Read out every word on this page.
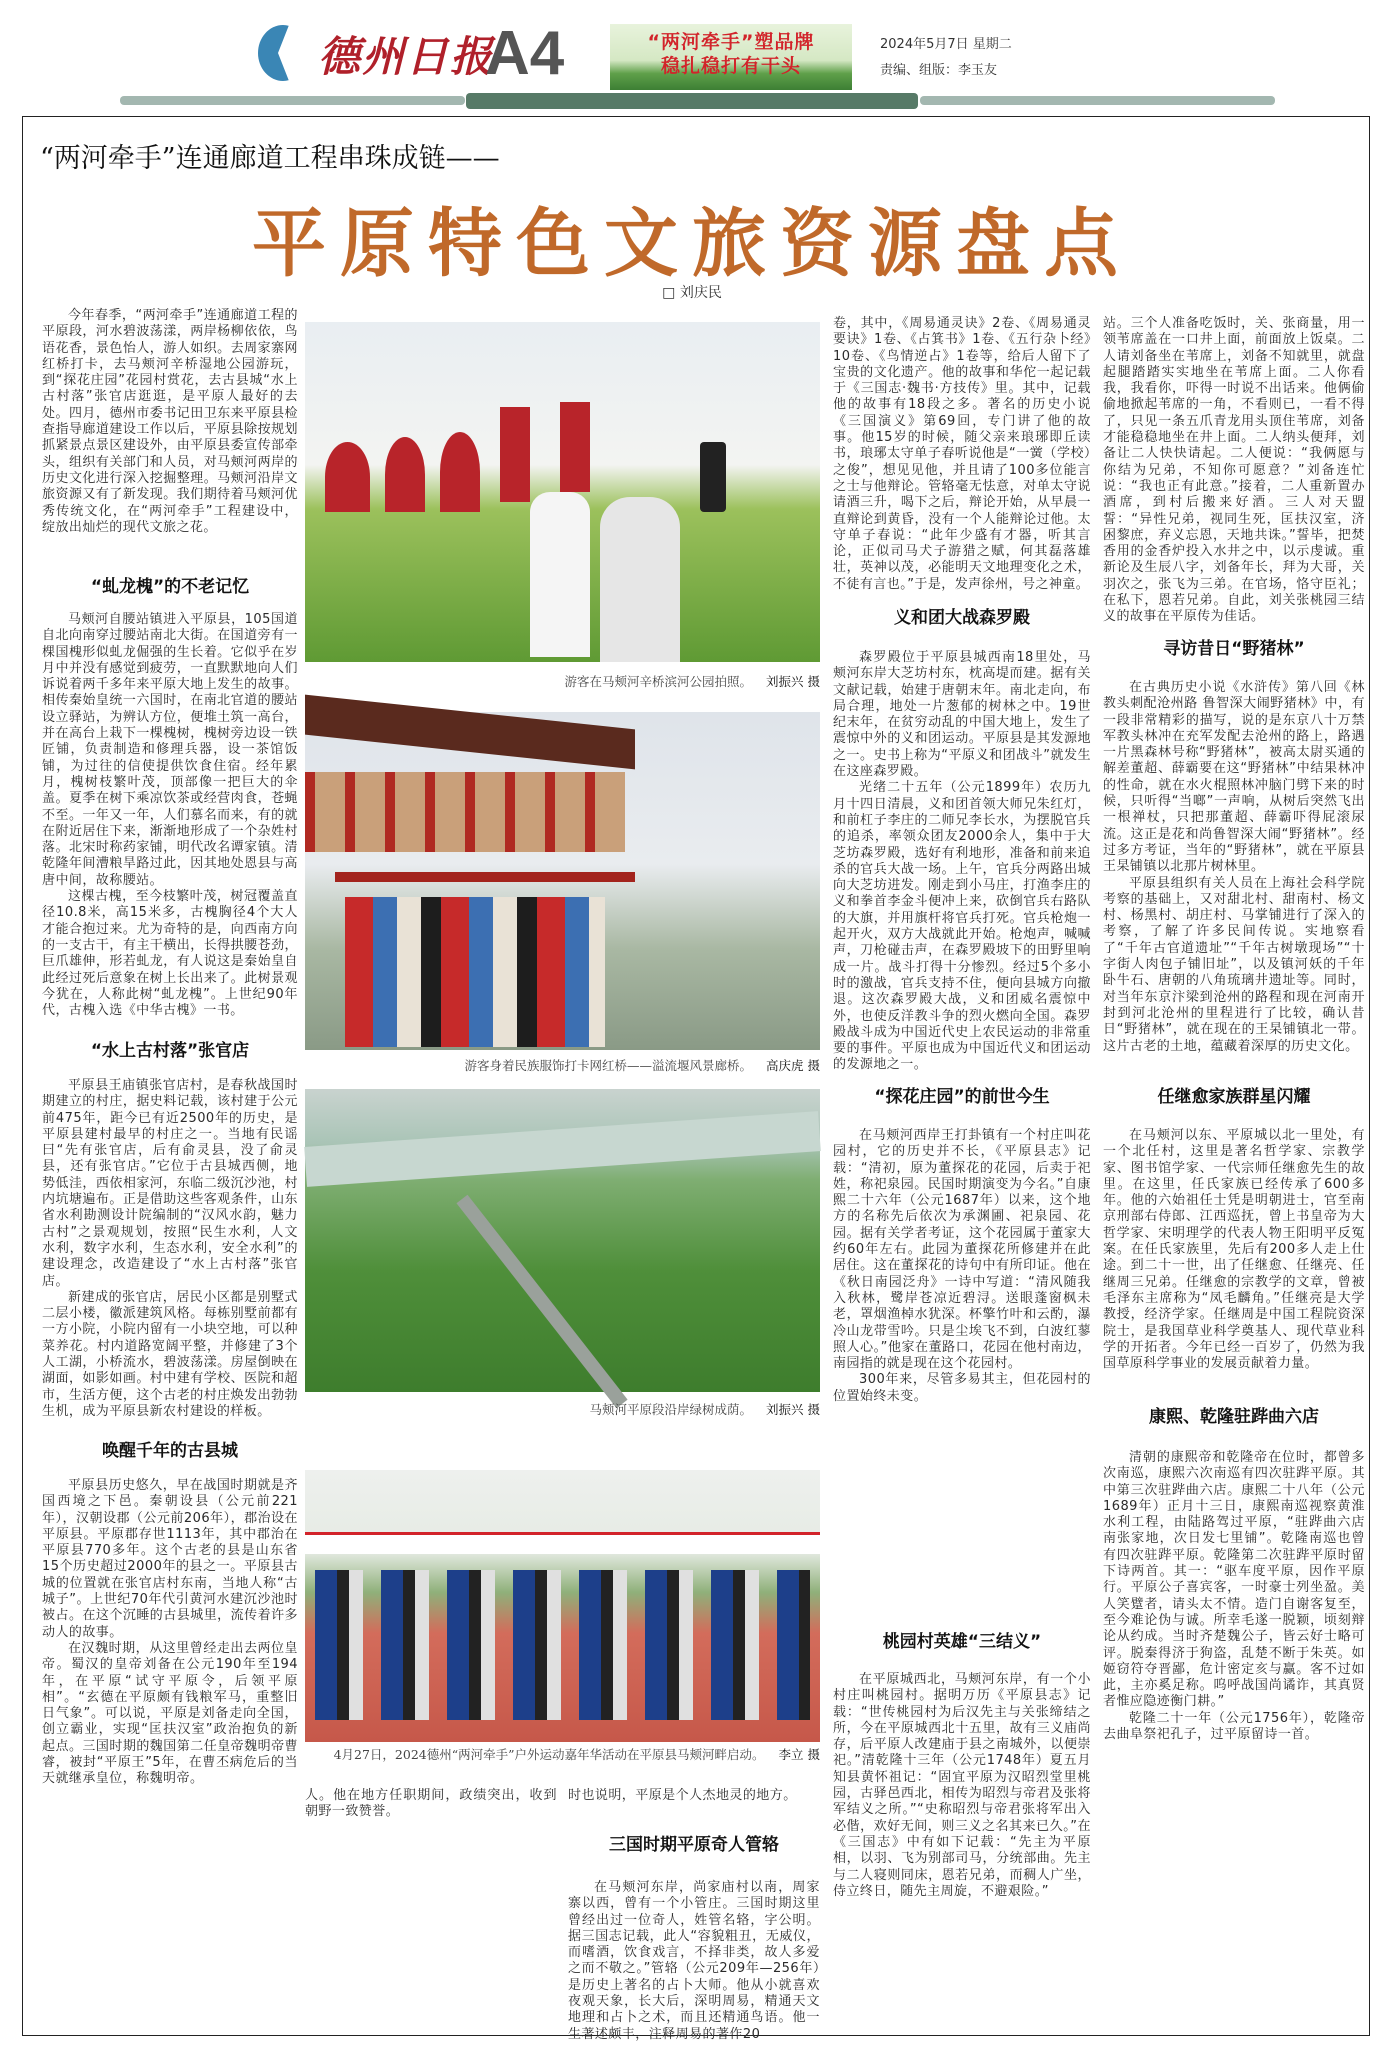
德州日报
A4	“两河牵手”塑品牌
稳扎稳打有干头
2024年5月7日 星期二
责编、组版：李玉友
“两河牵手”连通廊道工程串珠成链——
平原特色文旅资源盘点
□ 刘庆民

今年春季，“两河牵手”连通廊道工程的平原段，河水碧波荡漾，两岸杨柳依依，鸟语花香，景色怡人，游人如织。去周家寨网红桥打卡，去马颊河辛桥湿地公园游玩，到“探花庄园”花园村赏花，去古县城“水上古村落”张官店逛逛，是平原人最好的去处。四月，德州市委书记田卫东来平原县检查指导廊道建设工作以后，平原县除按规划抓紧景点景区建设外，由平原县委宣传部牵头，组织有关部门和人员，对马颊河两岸的历史文化进行深入挖掘整理。马颊河沿岸文旅资源又有了新发现。我们期待着马颊河优秀传统文化，在“两河牵手”工程建设中，绽放出灿烂的现代文旅之花。

“虬龙槐”的不老记忆

马颊河自腰站镇进入平原县，105国道自北向南穿过腰站南北大街。在国道旁有一棵国槐形似虬龙倔强的生长着。它似乎在岁月中并没有感觉到疲劳，一直默默地向人们诉说着两千多年来平原大地上发生的故事。相传秦始皇统一六国时，在南北官道的腰站设立驿站，为辨认方位，便堆土筑一高台，并在高台上栽下一棵槐树，槐树旁边设一铁匠铺，负责制造和修理兵器，设一茶馆饭铺，为过往的信使提供饮食住宿。经年累月，槐树枝繁叶茂，顶部像一把巨大的伞盖。夏季在树下乘凉饮茶或经营肉食，苍蝇不至。一年又一年，人们慕名而来，有的就在附近居住下来，渐渐地形成了一个杂姓村落。北宋时称药家铺，明代改名谭家镇。清乾隆年间漕粮旱路过此，因其地处恩县与高唐中间，故称腰站。

这棵古槐，至今枝繁叶茂，树冠覆盖直径10.8米，高15米多，古槐胸径4个大人才能合抱过来。尤为奇特的是，向西南方向的一支古干，有主干横出，长得拱腰苍劲，巨爪雄伸，形若虬龙，有人说这是秦始皇自此经过死后意象在树上长出来了。此树景观今犹在，人称此树“虬龙槐”。上世纪90年代，古槐入选《中华古槐》一书。

“水上古村落”张官店

平原县王庙镇张官店村，是春秋战国时期建立的村庄，据史料记载，该村建于公元前475年，距今已有近2500年的历史，是平原县建村最早的村庄之一。当地有民谣曰“先有张官店，后有俞灵县，没了俞灵县，还有张官店。”它位于古县城西侧，地势低洼，西依相家河，东临二级沉沙池，村内坑塘遍布。正是借助这些客观条件，山东省水利勘测设计院编制的“汉风水韵，魅力古村”之景观规划，按照“民生水利，人文水利，数字水利，生态水利，安全水利”的建设理念，改造建设了“水上古村落”张官店。

新建成的张官店，居民小区都是别墅式二层小楼，徽派建筑风格。每栋别墅前都有一方小院，小院内留有一小块空地，可以种菜养花。村内道路宽阔平整，并修建了3个人工湖，小桥流水，碧波荡漾。房屋倒映在湖面，如影如画。村中建有学校、医院和超市，生活方便，这个古老的村庄焕发出勃勃生机，成为平原县新农村建设的样板。

唤醒千年的古县城

平原县历史悠久，早在战国时期就是齐国西境之下邑。秦朝设县（公元前221年），汉朝设郡（公元前206年），郡治设在平原县。平原郡存世1113年，其中郡治在平原县770多年。这个古老的县是山东省15个历史超过2000年的县之一。平原县古城的位置就在张官店村东南，当地人称“古城子”。上世纪70年代引黄河水建沉沙池时被占。在这个沉睡的古县城里，流传着许多动人的故事。

在汉魏时期，从这里曾经走出去两位皇帝。蜀汉的皇帝刘备在公元190年至194年，在平原“试守平原令，后领平原相”。“玄德在平原颇有钱粮军马，重整旧日气象”。可以说，平原是刘备走向全国，创立霸业，实现“匡扶汉室”政治抱负的新起点。三国时期的魏国第二任皇帝魏明帝曹睿，被封“平原王”5年，在曹丕病危后的当天就继承皇位，称魏明帝。

游客在马颊河辛桥滨河公园拍照。 刘振兴 摄
游客身着民族服饰打卡网红桥——溢流堰风景廊桥。 高庆虎 摄
马颊河平原段沿岸绿树成荫。 刘振兴 摄
4月27日，2024德州“两河牵手”户外运动嘉年华活动在平原县马颊河畔启动。 李立 摄

人。他在地方任职期间，政绩突出，收到朝野一致赞誉。

时也说明，平原是个人杰地灵的地方。

三国时期平原奇人管辂

在马颊河东岸，尚家庙村以南，周家寨以西，曾有一个小管庄。三国时期这里曾经出过一位奇人，姓管名辂，字公明。据三国志记载，此人“容貌粗丑，无威仪，而嗜酒，饮食戏言，不择非类，故人多爱之而不敬之。”管辂（公元209年—256年）是历史上著名的占卜大师。他从小就喜欢夜观天象，长大后，深明周易，精通天文地理和占卜之术，而且还精通鸟语。他一生著述颇丰，注释周易的著作20

卷，其中，《周易通灵诀》2卷、《周易通灵要诀》1卷、《占箕书》1卷、《五行杂卜经》10卷、《鸟情逆占》1卷等，给后人留下了宝贵的文化遗产。他的故事和华佗一起记载于《三国志·魏书·方技传》里。其中，记载他的故事有18段之多。著名的历史小说《三国演义》第69回，专门讲了他的故事。他15岁的时候，随父亲来琅琊即丘读书，琅琊太守单子春听说他是“一黉（学校）之俊”，想见见他，并且请了100多位能言之士与他辩论。管辂毫无怯意，对单太守说请酒三升，喝下之后，辩论开始，从早晨一直辩论到黄昏，没有一个人能辩论过他。太守单子春说：“此年少盛有才器，听其言论，正似司马犬子游猎之赋，何其磊落雄壮，英神以茂，必能明天文地理变化之术，不徒有言也。”于是，发声徐州，号之神童。

义和团大战森罗殿

森罗殿位于平原县城西南18里处，马颊河东岸大芝坊村东，枕高堤而建。据有关文献记载，始建于唐朝末年。南北走向，布局合理，地处一片葱郁的树林之中。19世纪末年，在贫穷动乱的中国大地上，发生了震惊中外的义和团运动。平原县是其发源地之一。史书上称为“平原义和团战斗”就发生在这座森罗殿。

光绪二十五年（公元1899年）农历九月十四日清晨，义和团首领大师兄朱红灯，和前杠子李庄的二师兄李长水，为摆脱官兵的追杀，率领众团友2000余人，集中于大芝坊森罗殿，选好有利地形，准备和前来追杀的官兵大战一场。上午，官兵分两路出城向大芝坊进发。刚走到小马庄，打渔李庄的义和拳首李金斗便冲上来，砍倒官兵右路队的大旗，并用旗杆将官兵打死。官兵枪炮一起开火，双方大战就此开始。枪炮声，喊喊声，刀枪碰击声，在森罗殿坡下的田野里响成一片。战斗打得十分惨烈。经过5个多小时的激战，官兵支持不住，便向县城方向撤退。这次森罗殿大战，义和团威名震惊中外，也使反洋教斗争的烈火燃向全国。森罗殿战斗成为中国近代史上农民运动的非常重要的事件。平原也成为中国近代义和团运动的发源地之一。

“探花庄园”的前世今生

在马颊河西岸王打卦镇有一个村庄叫花园村，它的历史并不长，《平原县志》记载：“清初，原为董探花的花园，后卖于祀姓，称祀泉园。民国时期演变为今名。”自康熙二十六年（公元1687年）以来，这个地方的名称先后依次为承渊圃、祀泉园、花园。据有关学者考证，这个花园属于董家大约60年左右。此园为董探花所修建并在此居住。这在董探花的诗句中有所印证。他在《秋日南园泛舟》一诗中写道：“清风随我入秋林，鹭岸苍凉近碧浔。送眼蓬窗枫未老，罩烟渔棹水犹深。杯擎竹叶和云酌，瀑冷山龙带雪吟。只是尘埃飞不到，白波红蓼照人心。”他家在董路口，花园在他村南边，南园指的就是现在这个花园村。

300年来，尽管多易其主，但花园村的位置始终未变。

桃园村英雄“三结义”

在平原城西北，马颊河东岸，有一个小村庄叫桃园村。据明万历《平原县志》记载：“世传桃园村为后汉先主与关张缔结之所，今在平原城西北十五里，故有三义庙尚存，后平原人改建庙于县之南城外，以便崇祀。”清乾隆十三年（公元1748年）夏五月知县黄怀祖记：“固宜平原为汉昭烈堂里桃园，古驿邑西北，相传为昭烈与帝君及张将军结义之所。”“史称昭烈与帝君张将军出入必偕，欢好无间，则三义之名其来已久。”在《三国志》中有如下记载：“先主为平原相，以羽、飞为别部司马，分统部曲。先主与二人寝则同床，恩若兄弟，而稠人广坐，侍立终日，随先主周旋，不避艰险。”

站。三个人准备吃饭时，关、张商量，用一领苇席盖在一口井上面，前面放上饭桌。二人请刘备坐在苇席上，刘备不知就里，就盘起腿踏踏实实地坐在苇席上面。二人你看我，我看你，吓得一时说不出话来。他俩偷偷地掀起苇席的一角，不看则已，一看不得了，只见一条五爪青龙用头顶住苇席，刘备才能稳稳地坐在井上面。二人纳头便拜，刘备让二人快快请起。二人便说：“我俩愿与你结为兄弟，不知你可愿意？”刘备连忙说：“我也正有此意。”接着，二人重新置办酒席，到村后搬来好酒。三人对天盟誓：“异性兄弟，视同生死，匡扶汉室，济困黎庶，弃义忘恩，天地共诛。”誓毕，把焚香用的金香炉投入水井之中，以示虔诚。重新论及生辰八字，刘备年长，拜为大哥，关羽次之，张飞为三弟。在官场，恪守臣礼；在私下，恩若兄弟。自此，刘关张桃园三结义的故事在平原传为佳话。

寻访昔日“野猪林”

在古典历史小说《水浒传》第八回《林教头刺配沧州路 鲁智深大闹野猪林》中，有一段非常精彩的描写，说的是东京八十万禁军教头林冲在充军发配去沧州的路上，路遇一片黑森林号称“野猪林”，被高太尉买通的解差董超、薛霸要在这“野猪林”中结果林冲的性命，就在水火棍照林冲脑门劈下来的时候，只听得“当啷”一声响，从树后突然飞出一根禅杖，只把那董超、薛霸吓得屁滚尿流。这正是花和尚鲁智深大闹“野猪林”。经过多方考证，当年的“野猪林”，就在平原县王杲铺镇以北那片树林里。

平原县组织有关人员在上海社会科学院考察的基础上，又对甜北村、甜南村、杨文村、杨黑村、胡庄村、马掌铺进行了深入的考察，了解了许多民间传说。实地察看了“千年古官道遗址”“千年古树墩现场”“十字街人肉包子铺旧址”，以及镇河妖的千年卧牛石、唐朝的八角琉璃井遗址等。同时，对当年东京汴梁到沧州的路程和现在河南开封到河北沧州的里程进行了比较，确认昔日“野猪林”，就在现在的王杲铺镇北一带。这片古老的土地，蕴藏着深厚的历史文化。

任继愈家族群星闪耀

在马颊河以东、平原城以北一里处，有一个北任村，这里是著名哲学家、宗教学家、图书馆学家、一代宗师任继愈先生的故里。在这里，任氏家族已经传承了600多年。他的六始祖任士凭是明朝进士，官至南京刑部右侍郎、江西巡抚，曾上书皇帝为大哲学家、宋明理学的代表人物王阳明平反冤案。在任氏家族里，先后有200多人走上仕途。到二十一世，出了任继愈、任继亮、任继周三兄弟。任继愈的宗教学的文章，曾被毛泽东主席称为“凤毛麟角。”任继亮是大学教授，经济学家。任继周是中国工程院资深院士，是我国草业科学奠基人、现代草业科学的开拓者。今年已经一百岁了，仍然为我国草原科学事业的发展贡献着力量。

康熙、乾隆驻跸曲六店

清朝的康熙帝和乾隆帝在位时，都曾多次南巡，康熙六次南巡有四次驻跸平原。其中第三次驻跸曲六店。康熙二十八年（公元1689年）正月十三日，康熙南巡视察黄淮水利工程，由陆路驾过平原，“驻跸曲六店南张家地，次日发七里铺”。乾隆南巡也曾有四次驻跸平原。乾隆第二次驻跸平原时留下诗两首。其一：“驱车度平原，因作平原行。平原公子喜宾客，一时豪士列坐盈。美人笑躄者，请头太不情。造门自谢客复至，至今难论伪与诚。所幸毛遂一脱颖，顷刻辩论从约成。当时齐楚魏公子，皆云好士略可评。脱秦得济于狗盗，乱楚不断于朱英。如姬窃符夺晋鄙，危计密定亥与赢。客不过如此，主亦奚足称。呜呼战国尚谲诈，其真贤者惟应隐迹衡门耕。”

乾隆二十一年（公元1756年），乾隆帝去曲阜祭祀孔子，过平原留诗一首。
